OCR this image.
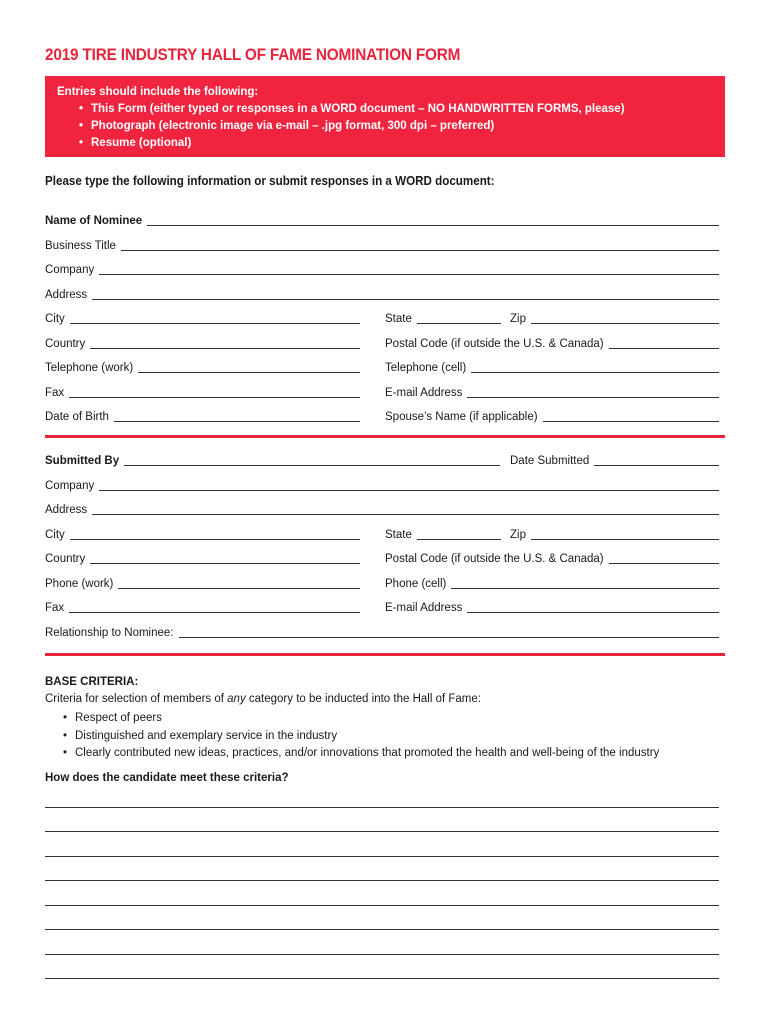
2019 TIRE INDUSTRY HALL OF FAME NOMINATION FORM
Entries should include the following:
• This Form (either typed or responses in a WORD document – NO HANDWRITTEN FORMS, please)
• Photograph (electronic image via e-mail – .jpg format, 300 dpi – preferred)
• Resume (optional)
Please type the following information or submit responses in a WORD document:
Name of Nominee
Business Title
Company
Address
City	State	Zip
Country	Postal Code (if outside the U.S. & Canada)
Telephone (work)	Telephone (cell)
Fax	E-mail Address
Date of Birth	Spouse’s Name (if applicable)
Submitted By	Date Submitted
Company
Address
City	State	Zip
Country	Postal Code (if outside the U.S. & Canada)
Phone (work)	Phone (cell)
Fax	E-mail Address
Relationship to Nominee:
BASE CRITERIA:
Criteria for selection of members of any category to be inducted into the Hall of Fame:
• Respect of peers
• Distinguished and exemplary service in the industry
• Clearly contributed new ideas, practices, and/or innovations that promoted the health and well-being of the industry
How does the candidate meet these criteria?
